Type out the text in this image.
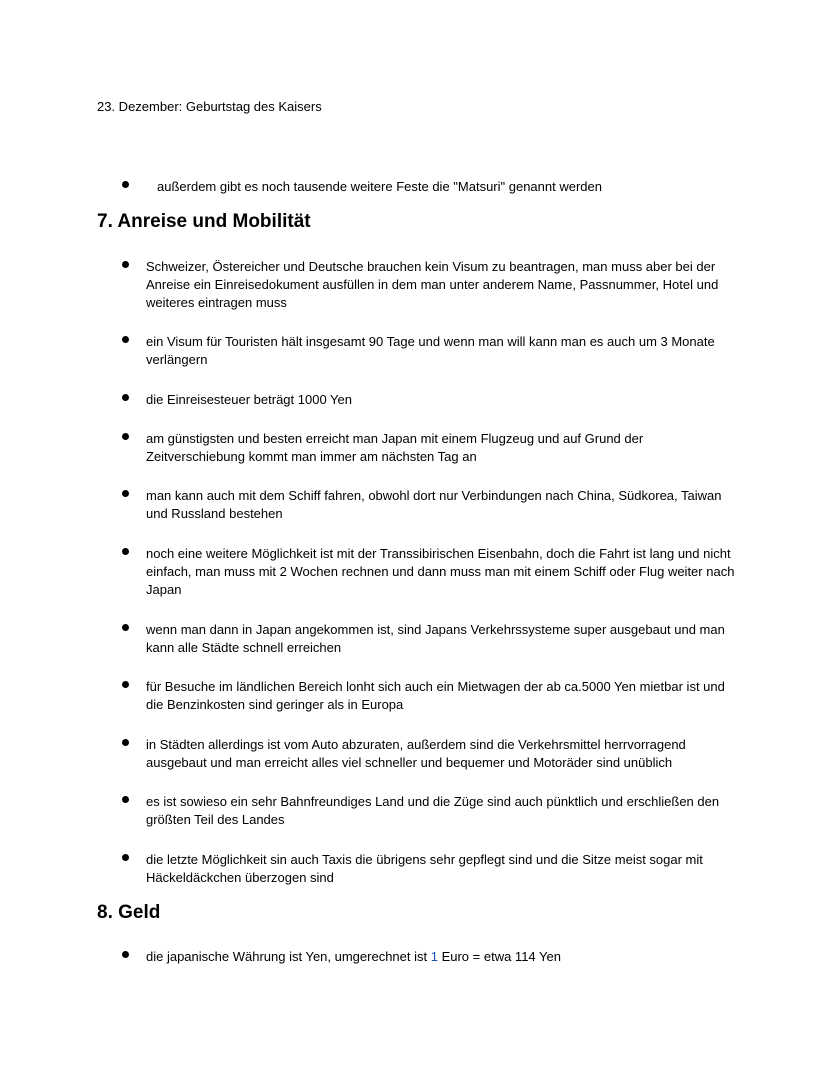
23. Dezember: Geburtstag des Kaisers
außerdem gibt es noch tausende weitere Feste die "Matsuri" genannt werden
7. Anreise und Mobilität
Schweizer, Östereicher und Deutsche brauchen kein Visum zu beantragen, man muss aber bei der Anreise ein Einreisedokument ausfüllen in dem man unter anderem Name, Passnummer, Hotel und weiteres eintragen muss
ein Visum für Touristen hält insgesamt 90 Tage und wenn man will kann man es auch um 3 Monate verlängern
die Einreisesteuer beträgt 1000 Yen
am günstigsten und besten erreicht man Japan mit einem Flugzeug und auf Grund der Zeitverschiebung kommt man immer am nächsten Tag an
man kann auch mit dem Schiff fahren, obwohl dort nur Verbindungen nach China, Südkorea, Taiwan und Russland bestehen
noch eine weitere Möglichkeit ist mit der Transsibirischen Eisenbahn, doch die Fahrt ist lang und nicht einfach, man muss mit 2 Wochen rechnen und dann muss man mit einem Schiff oder Flug weiter nach Japan
wenn man dann in Japan angekommen ist, sind Japans Verkehrssysteme super ausgebaut und man kann alle Städte schnell erreichen
für Besuche im ländlichen Bereich lonht sich auch ein Mietwagen der ab ca.5000 Yen mietbar ist und die Benzinkosten sind geringer als in Europa
in Städten allerdings ist vom Auto abzuraten, außerdem sind die Verkehrsmittel herrvorragend ausgebaut und man erreicht alles viel schneller und bequemer und Motoräder sind unüblich
es ist sowieso ein sehr Bahnfreundiges Land und die Züge sind auch pünktlich und erschließen den größten Teil des Landes
die letzte Möglichkeit sin auch Taxis die übrigens sehr gepflegt sind und die Sitze meist sogar mit Häckeldäckchen überzogen sind
8. Geld
die japanische Währung ist Yen, umgerechnet ist 1 Euro = etwa 114 Yen
